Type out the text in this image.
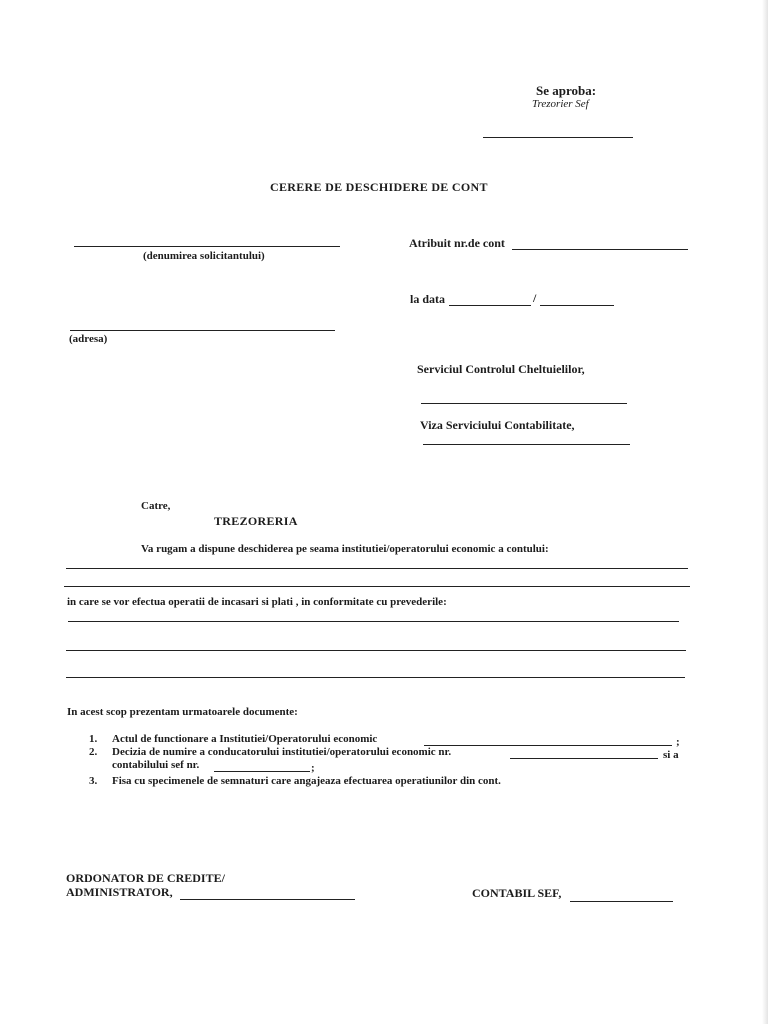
Se aproba:
Trezorier Sef
CERERE DE DESCHIDERE DE CONT
(denumirea solicitantului)
Atribuit nr.de cont
la data	/
(adresa)
Serviciul Controlul Cheltuielilor,
Viza Serviciului Contabilitate,
Catre,
TREZORERIA
Va rugam a dispune deschiderea pe seama institutiei/operatorului economic a contului:
in care se vor efectua operatii de incasari si plati , in conformitate cu prevederile:
In acest scop prezentam urmatoarele documente:
1. Actul de functionare a Institutiei/Operatorului economic	;
2. Decizia de numire a conducatorului institutiei/operatorului economic nr.	si a
contabilului sef nr.	;
3. Fisa cu specimenele de semnaturi care angajeaza efectuarea operatiunilor din cont.
ORDONATOR DE CREDITE/
ADMINISTRATOR,	CONTABIL SEF,
